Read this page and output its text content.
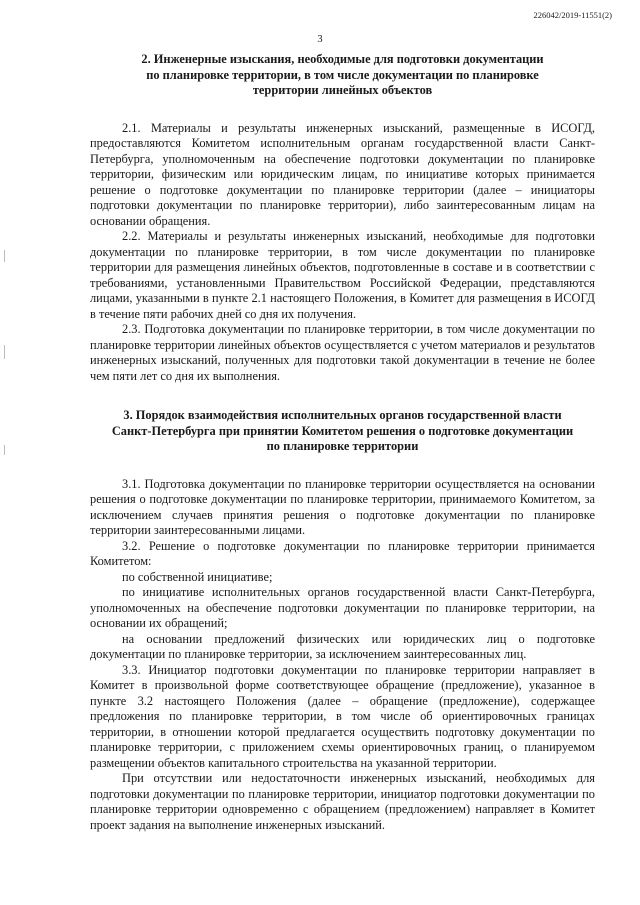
226042/2019-11551(2)
3
2. Инженерные изыскания, необходимые для подготовки документации
по планировке территории, в том числе документации по планировке
территории линейных объектов

2.1. Материалы и результаты инженерных изысканий, размещенные в ИСОГД, предоставляются Комитетом исполнительным органам государственной власти Санкт-Петербурга, уполномоченным на обеспечение подготовки документации по планировке территории, физическим или юридическим лицам, по инициативе которых принимается решение о подготовке документации по планировке территории (далее – инициаторы подготовки документации по планировке территории), либо заинтересованным лицам на основании обращения.

2.2. Материалы и результаты инженерных изысканий, необходимые для подготовки документации по планировке территории, в том числе документации по планировке территории для размещения линейных объектов, подготовленные в составе и в соответствии с требованиями, установленными Правительством Российской Федерации, представляются лицами, указанными в пункте 2.1 настоящего Положения, в Комитет для размещения в ИСОГД в течение пяти рабочих дней со дня их получения.

2.3. Подготовка документации по планировке территории, в том числе документации по планировке территории линейных объектов осуществляется с учетом материалов и результатов инженерных изысканий, полученных для подготовки такой документации в течение не более чем пяти лет со дня их выполнения.

3. Порядок взаимодействия исполнительных органов государственной власти
Санкт-Петербурга при принятии Комитетом решения о подготовке документации
по планировке территории

3.1. Подготовка документации по планировке территории осуществляется на основании решения о подготовке документации по планировке территории, принимаемого Комитетом, за исключением случаев принятия решения о подготовке документации по планировке территории заинтересованными лицами.

3.2. Решение о подготовке документации по планировке территории принимается Комитетом:

по собственной инициативе;

по инициативе исполнительных органов государственной власти Санкт-Петербурга, уполномоченных на обеспечение подготовки документации по планировке территории, на основании их обращений;

на основании предложений физических или юридических лиц о подготовке документации по планировке территории, за исключением заинтересованных лиц.

3.3. Инициатор подготовки документации по планировке территории направляет в Комитет в произвольной форме соответствующее обращение (предложение), указанное в пункте 3.2 настоящего Положения (далее – обращение (предложение), содержащее предложения по планировке территории, в том числе об ориентировочных границах территории, в отношении которой предлагается осуществить подготовку документации по планировке территории, с приложением схемы ориентировочных границ, о планируемом размещении объектов капитального строительства на указанной территории.

При отсутствии или недостаточности инженерных изысканий, необходимых для подготовки документации по планировке территории, инициатор подготовки документации по планировке территории одновременно с обращением (предложением) направляет в Комитет проект задания на выполнение инженерных изысканий.
